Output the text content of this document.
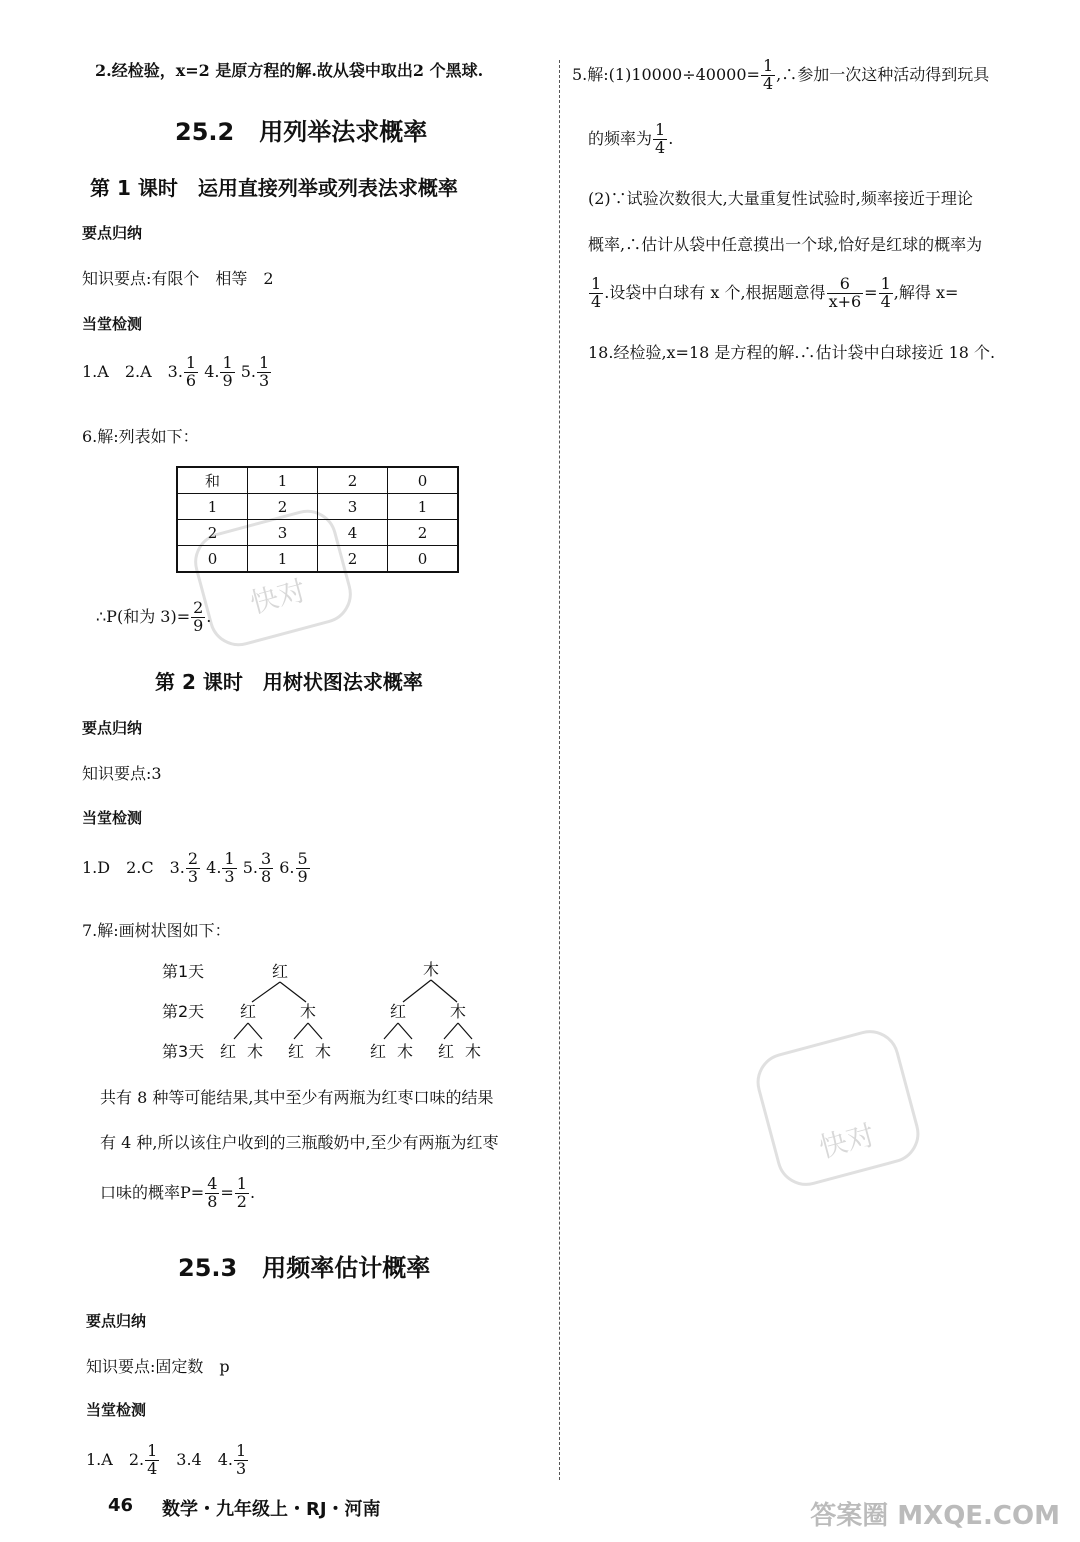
快对
快对
答案圈 MXQE.COM
2.经检验，x=2 是原方程的解.故从袋中取出2 个黑球.
25.2 用列举法求概率
第 1 课时　运用直接列举或列表法求概率
要点归纳
知识要点:有限个　相等　2
当堂检测
1.A　2.A　3. $\frac{1}{6} 4$. $\frac{1}{9} 5$. $\frac{1}{3}$
6.解:列表如下：
和	1	2	0
1	2	3	1
2	3	4	2
0	1	2	0
∴P(和为 $3)= \frac{2}{9}$ .
第 2 课时　用树状图法求概率
要点归纳
知识要点:3
当堂检测
1.D　2.C　3. $\frac{2}{3} 4$. $\frac{1}{3} 5$. $\frac{3}{8} 6$. $\frac{5}{9}$
7.解:画树状图如下：
第1天
第2天
第3天
红	木
红	木	红	木
红 木 红 木 红 木 红 木
共有 8 种等可能结果,其中至少有两瓶为红枣口味的结果
有 4 种,所以该住户收到的三瓶酸奶中,至少有两瓶为红枣
口味的概率$P= \frac{4}{8} = \frac{1}{2}$ .
25.3 用频率估计概率
要点归纳
知识要点:固定数　p
当堂检测
1.A　2. $\frac{1}{4}$ 　3.4　4. $\frac{1}{3}$
46 数学・九年级上・RJ・河南
5.解:(1)10000÷40000= $\frac{1}{4}$ ,∴参加一次这种活动得到玩具
的频率为 $\frac{1}{4}$ .
(2)∵试验次数很大,大量重复性试验时,频率接近于理论
概率,∴估计从袋中任意摸出一个球,恰好是红球的概率为
$\frac{1}{4}$ .设袋中白球有 x 个,根据题意得 $\frac{6}{x+6} = \frac{1}{4}$ ,解得 x=
18.经检验,x=18 是方程的解.∴估计袋中白球接近 18 个.
